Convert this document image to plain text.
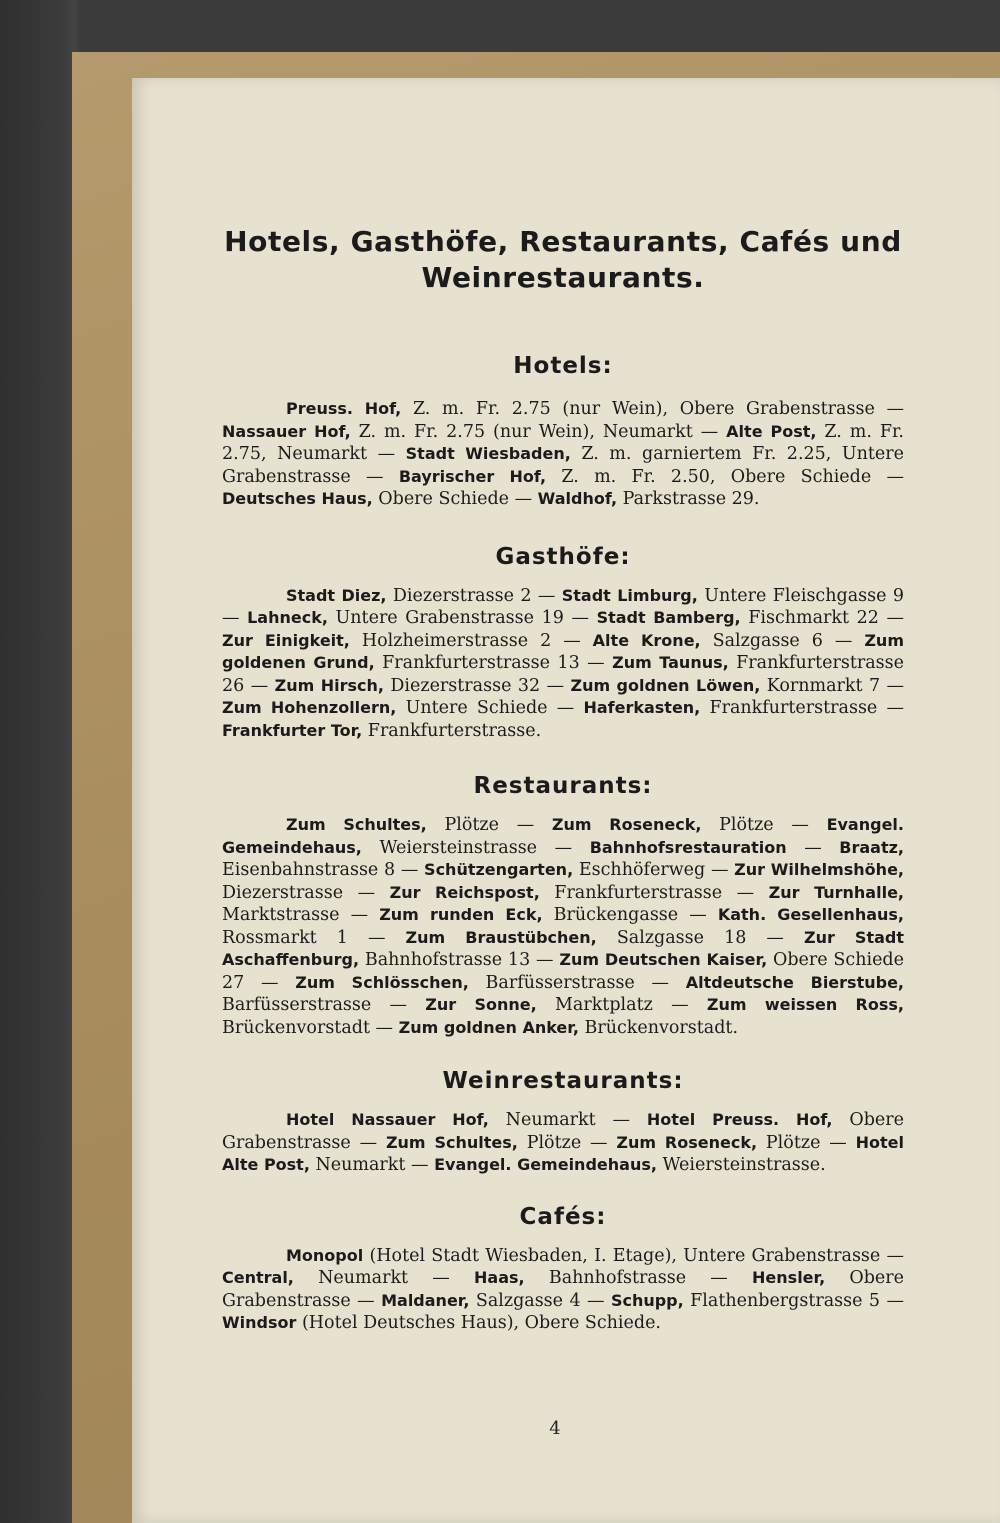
Hotels, Gasthöfe, Restaurants, Cafés und Weinrestaurants.
Hotels:

Preuss. Hof, Z. m. Fr. 2.75 (nur Wein), Obere Grabenstrasse — Nassauer Hof, Z. m. Fr. 2.75 (nur Wein), Neumarkt — Alte Post, Z. m. Fr. 2.75, Neumarkt — Stadt Wiesbaden, Z. m. garniertem Fr. 2.25, Untere Grabenstrasse — Bayrischer Hof, Z. m. Fr. 2.50, Obere Schiede — Deutsches Haus, Obere Schiede — Waldhof, Parkstrasse 29.

Gasthöfe:

Stadt Diez, Diezerstrasse 2 — Stadt Limburg, Untere Fleischgasse 9 — Lahneck, Untere Grabenstrasse 19 — Stadt Bamberg, Fischmarkt 22 — Zur Einigkeit, Holzheimerstrasse 2 — Alte Krone, Salzgasse 6 — Zum goldenen Grund, Frankfurterstrasse 13 — Zum Taunus, Frankfurterstrasse 26 — Zum Hirsch, Diezerstrasse 32 — Zum goldnen Löwen, Kornmarkt 7 — Zum Hohenzollern, Untere Schiede — Haferkasten, Frankfurterstrasse — Frankfurter Tor, Frankfurterstrasse.

Restaurants:

Zum Schultes, Plötze — Zum Roseneck, Plötze — Evangel. Gemeindehaus, Weiersteinstrasse — Bahnhofsrestauration — Braatz, Eisenbahnstrasse 8 — Schützengarten, Eschhöferweg — Zur Wilhelmshöhe, Diezerstrasse — Zur Reichspost, Frankfurterstrasse — Zur Turnhalle, Marktstrasse — Zum runden Eck, Brückengasse — Kath. Gesellenhaus, Rossmarkt 1 — Zum Braustübchen, Salzgasse 18 — Zur Stadt Aschaffenburg, Bahnhofstrasse 13 — Zum Deutschen Kaiser, Obere Schiede 27 — Zum Schlösschen, Barfüsserstrasse — Altdeutsche Bierstube, Barfüsserstrasse — Zur Sonne, Marktplatz — Zum weissen Ross, Brückenvorstadt — Zum goldnen Anker, Brückenvorstadt.

Weinrestaurants:

Hotel Nassauer Hof, Neumarkt — Hotel Preuss. Hof, Obere Grabenstrasse — Zum Schultes, Plötze — Zum Roseneck, Plötze — Hotel Alte Post, Neumarkt — Evangel. Gemeindehaus, Weiersteinstrasse.

Cafés:

Monopol (Hotel Stadt Wiesbaden, I. Etage), Untere Grabenstrasse — Central, Neumarkt — Haas, Bahnhofstrasse — Hensler, Obere Grabenstrasse — Maldaner, Salzgasse 4 — Schupp, Flathenbergstrasse 5 — Windsor (Hotel Deutsches Haus), Obere Schiede.

4
